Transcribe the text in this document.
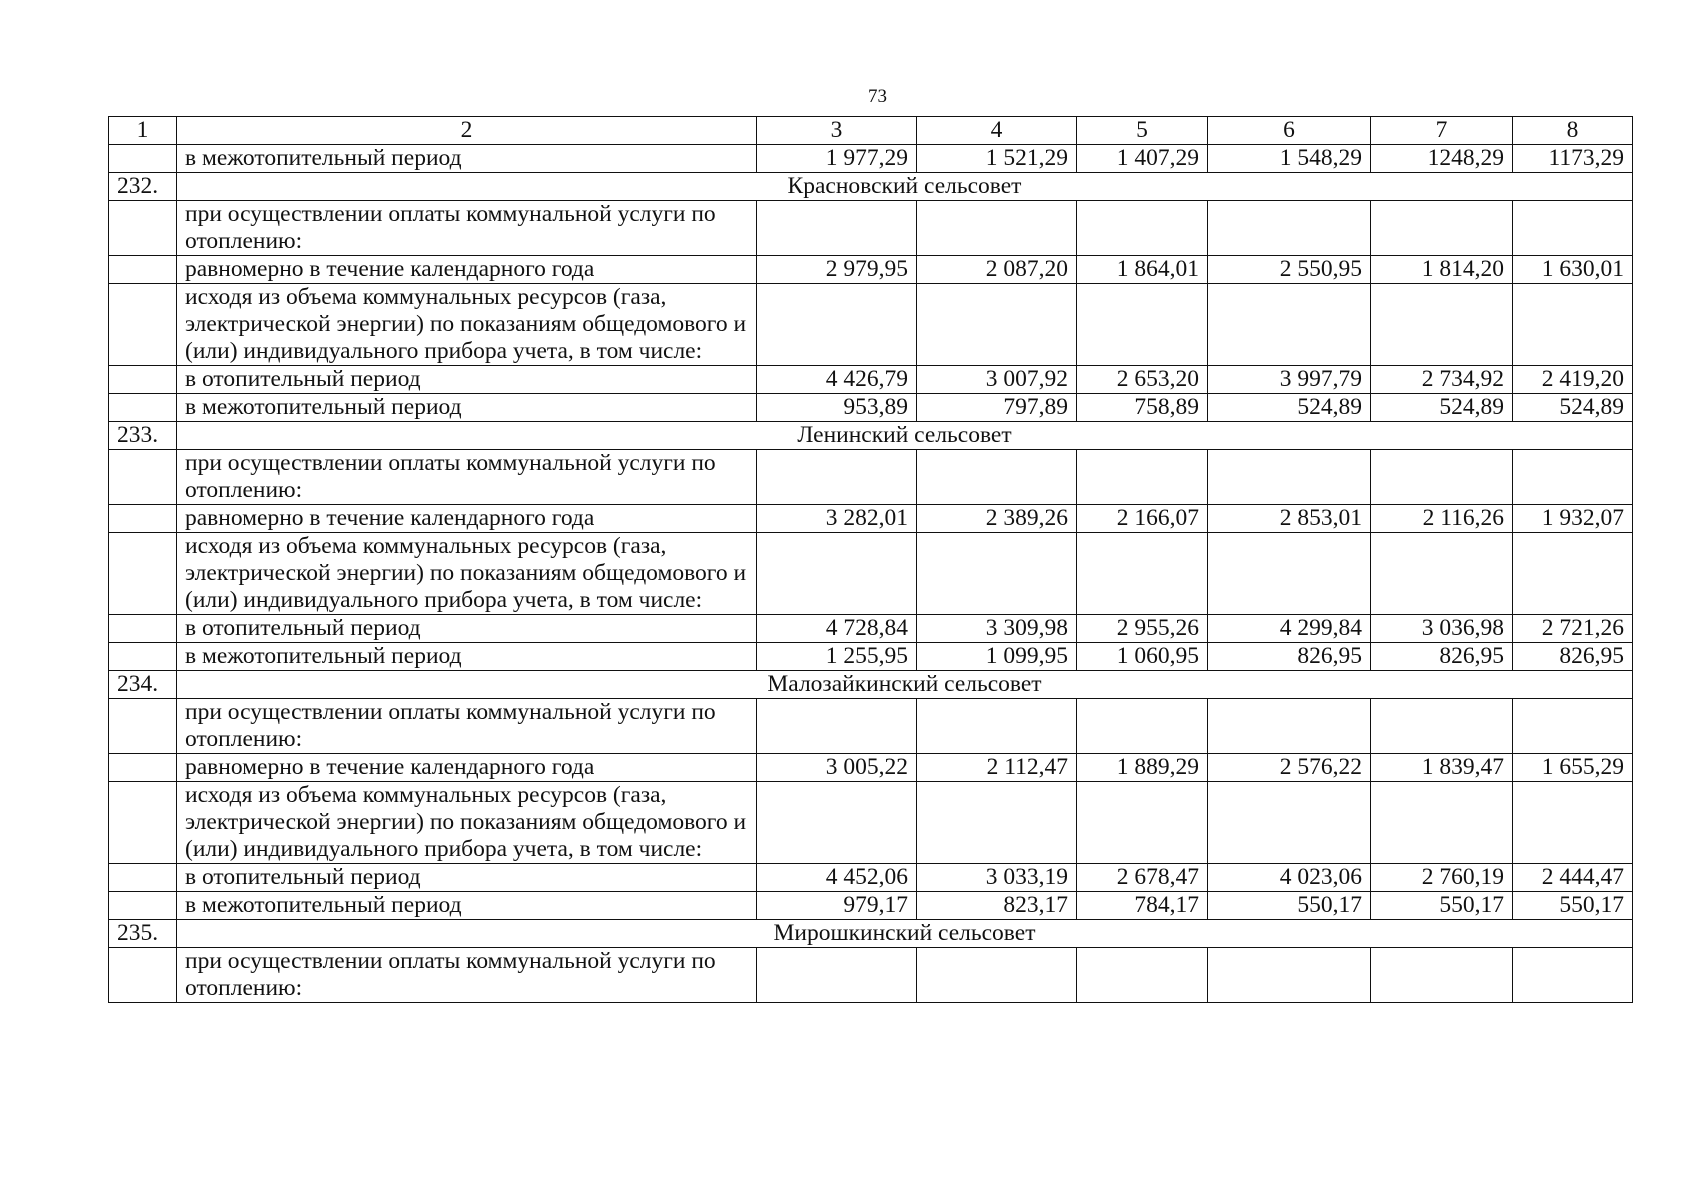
73
1	2	3	4	5	6	7	8
	в межотопительный период	1 977,29	1 521,29	1 407,29	1 548,29	1248,29	1173,29
232.	Красновский сельсовет						
	при осуществлении оплаты коммунальной услуги по отоплению:						
	равномерно в течение календарного года	2 979,95	2 087,20	1 864,01	2 550,95	1 814,20	1 630,01
	исходя из объема коммунальных ресурсов (газа, электрической энергии) по показаниям общедомового и (или) индивидуального прибора учета, в том числе:						
	в отопительный период	4 426,79	3 007,92	2 653,20	3 997,79	2 734,92	2 419,20
	в межотопительный период	953,89	797,89	758,89	524,89	524,89	524,89
233.	Ленинский сельсовет						
	при осуществлении оплаты коммунальной услуги по отоплению:						
	равномерно в течение календарного года	3 282,01	2 389,26	2 166,07	2 853,01	2 116,26	1 932,07
	исходя из объема коммунальных ресурсов (газа, электрической энергии) по показаниям общедомового и (или) индивидуального прибора учета, в том числе:						
	в отопительный период	4 728,84	3 309,98	2 955,26	4 299,84	3 036,98	2 721,26
	в межотопительный период	1 255,95	1 099,95	1 060,95	826,95	826,95	826,95
234.	Малозайкинский сельсовет						
	при осуществлении оплаты коммунальной услуги по отоплению:						
	равномерно в течение календарного года	3 005,22	2 112,47	1 889,29	2 576,22	1 839,47	1 655,29
	исходя из объема коммунальных ресурсов (газа, электрической энергии) по показаниям общедомового и (или) индивидуального прибора учета, в том числе:						
	в отопительный период	4 452,06	3 033,19	2 678,47	4 023,06	2 760,19	2 444,47
	в межотопительный период	979,17	823,17	784,17	550,17	550,17	550,17
235.	Мирошкинский сельсовет						
	при осуществлении оплаты коммунальной услуги по отоплению:						
